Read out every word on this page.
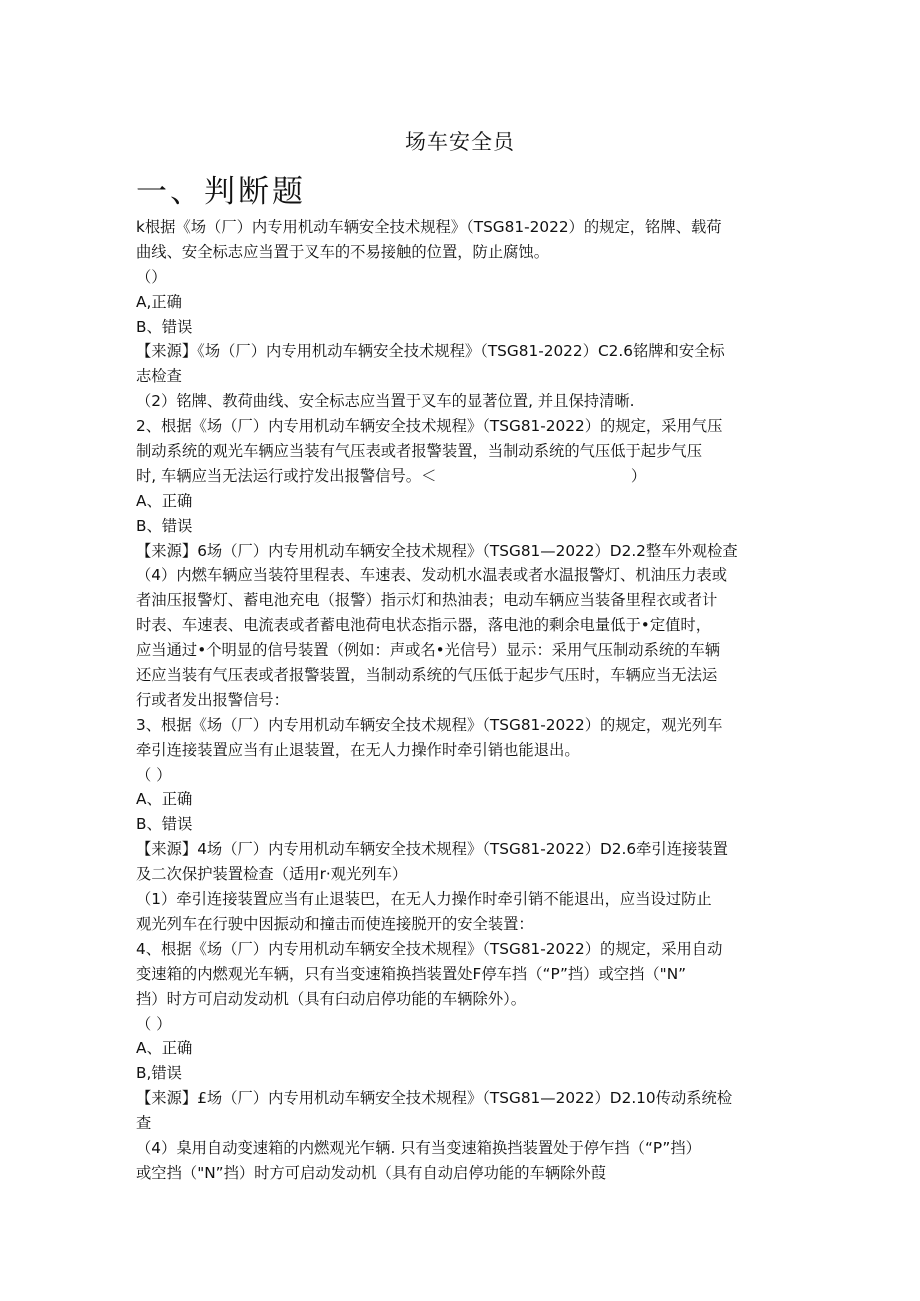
场车安全员
一、判断题
k根据《场（厂）内专用机动车辆安全技术规程》（TSG81-2022）的规定，铭牌、载荷
曲线、安全标志应当置于叉车的不易接触的位置，防止腐蚀。
（）
A,正确
B、错误
【来源】《场（厂）内专用机动车辆安全技术规程》（TSG81-2022）C2.6铭牌和安全标
志检查
（2）铭牌、教荷曲线、安全标志应当置于叉车的显著位置, 并且保持清晰.
2、根据《场（厂）内专用机动车辆安全技术规程》（TSG81-2022）的规定，采用气压
制动系统的观光车辆应当装有气压表或者报警装置，当制动系统的气压低于起步气压
时, 车辆应当无法运行或拧发出报警信号。＜                                        ）
A、正确
B、错误
【来源】6场（厂）内专用机动车辆安全技术规程》（TSG81—2022）D2.2整车外观检查
（4）内燃车辆应当装符里程表、车速表、发动机水温表或者水温报警灯、机油压力表或
者油压报警灯、蓄电池充电（报警）指示灯和热油表；电动车辆应当装备里程衣或者计
时表、车速表、电流表或者蓄电池荷电状态指示器，落电池的剩余电量低于•定值时，
应当通过•个明显的信号装置（例如：声或名•光信号）显示：采用气压制动系统的车辆
还应当装有气压表或者报警装置，当制动系统的气压低于起步气压时，车辆应当无法运
行或者发出报警信号：
3、根据《场（厂）内专用机动车辆安全技术规程》（TSG81-2022）的规定，观光列车
牵引连接装置应当有止退装置，在无人力操作时牵引销也能退出。
（ ）
A、正确
B、错误
【来源】4场（厂）内专用机动车辆安全技术规程》（TSG81-2022）D2.6牵引连接装置
及二次保护装置检查（适用r·观光列车）
（1）牵引连接装置应当有止退装巴，在无人力操作时牵引销不能退出，应当设过防止
观光列车在行驶中因振动和撞击而使连接脱开的安全装置：
4、根据《场（厂）内专用机动车辆安全技术规程》（TSG81-2022）的规定，采用自动
变速箱的内燃观光车辆，只有当变速箱换挡装置处F停车挡（“P”挡）或空挡（"N”
挡）时方可启动发动机（具有臼动启停功能的车辆除外）。
（ ）
A、正确
B,错误
【来源】£场（厂）内专用机动车辆安全技术规程》（TSG81—2022）D2.10传动系统检
查
（4）臬用自动变速箱的内燃观光乍辆. 只有当变速箱换挡装置处于停乍挡（“P”挡）
或空挡（"N”挡）时方可启动发动机（具有自动启停功能的车辆除外葭
